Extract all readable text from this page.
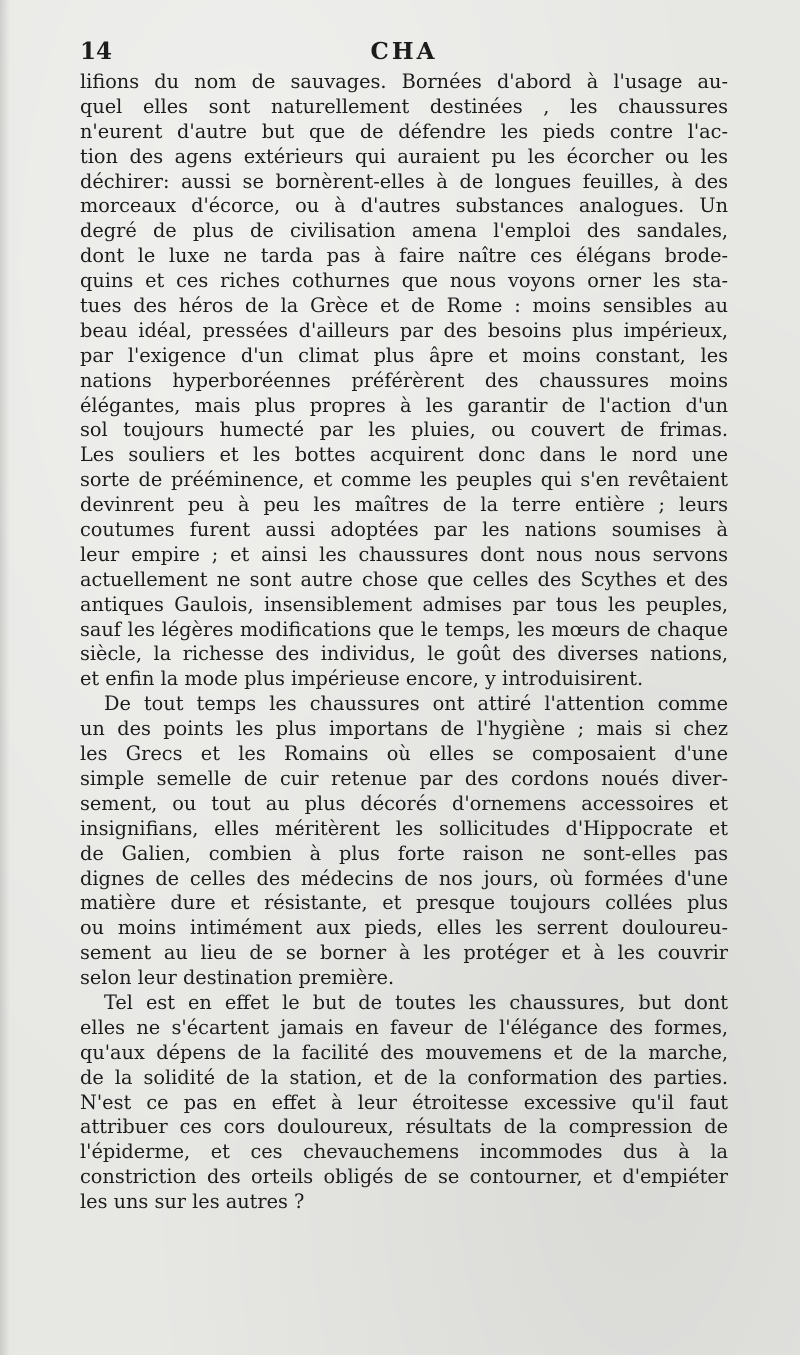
14	CHA
lifions du nom de sauvages. Bornées d'abord à l'usage au-
quel elles sont naturellement destinées , les chaussures
n'eurent d'autre but que de défendre les pieds contre l'ac-
tion des agens extérieurs qui auraient pu les écorcher ou les
déchirer: aussi se bornèrent-elles à de longues feuilles, à des
morceaux d'écorce, ou à d'autres substances analogues. Un
degré de plus de civilisation amena l'emploi des sandales,
dont le luxe ne tarda pas à faire naître ces élégans brode-
quins et ces riches cothurnes que nous voyons orner les sta-
tues des héros de la Grèce et de Rome : moins sensibles au
beau idéal, pressées d'ailleurs par des besoins plus impérieux,
par l'exigence d'un climat plus âpre et moins constant, les
nations hyperboréennes préférèrent des chaussures moins
élégantes, mais plus propres à les garantir de l'action d'un
sol toujours humecté par les pluies, ou couvert de frimas.
Les souliers et les bottes acquirent donc dans le nord une
sorte de prééminence, et comme les peuples qui s'en revêtaient
devinrent peu à peu les maîtres de la terre entière ; leurs
coutumes furent aussi adoptées par les nations soumises à
leur empire ; et ainsi les chaussures dont nous nous servons
actuellement ne sont autre chose que celles des Scythes et des
antiques Gaulois, insensiblement admises par tous les peuples,
sauf les légères modifications que le temps, les mœurs de chaque
siècle, la richesse des individus, le goût des diverses nations,
et enfin la mode plus impérieuse encore, y introduisirent.
De tout temps les chaussures ont attiré l'attention comme
un des points les plus importans de l'hygiène ; mais si chez
les Grecs et les Romains où elles se composaient d'une
simple semelle de cuir retenue par des cordons noués diver-
sement, ou tout au plus décorés d'ornemens accessoires et
insignifians, elles méritèrent les sollicitudes d'Hippocrate et
de Galien, combien à plus forte raison ne sont-elles pas
dignes de celles des médecins de nos jours, où formées d'une
matière dure et résistante, et presque toujours collées plus
ou moins intimément aux pieds, elles les serrent douloureu-
sement au lieu de se borner à les protéger et à les couvrir
selon leur destination première.
Tel est en effet le but de toutes les chaussures, but dont
elles ne s'écartent jamais en faveur de l'élégance des formes,
qu'aux dépens de la facilité des mouvemens et de la marche,
de la solidité de la station, et de la conformation des parties.
N'est ce pas en effet à leur étroitesse excessive qu'il faut
attribuer ces cors douloureux, résultats de la compression de
l'épiderme, et ces chevauchemens incommodes dus à la
constriction des orteils obligés de se contourner, et d'empiéter
les uns sur les autres ?
